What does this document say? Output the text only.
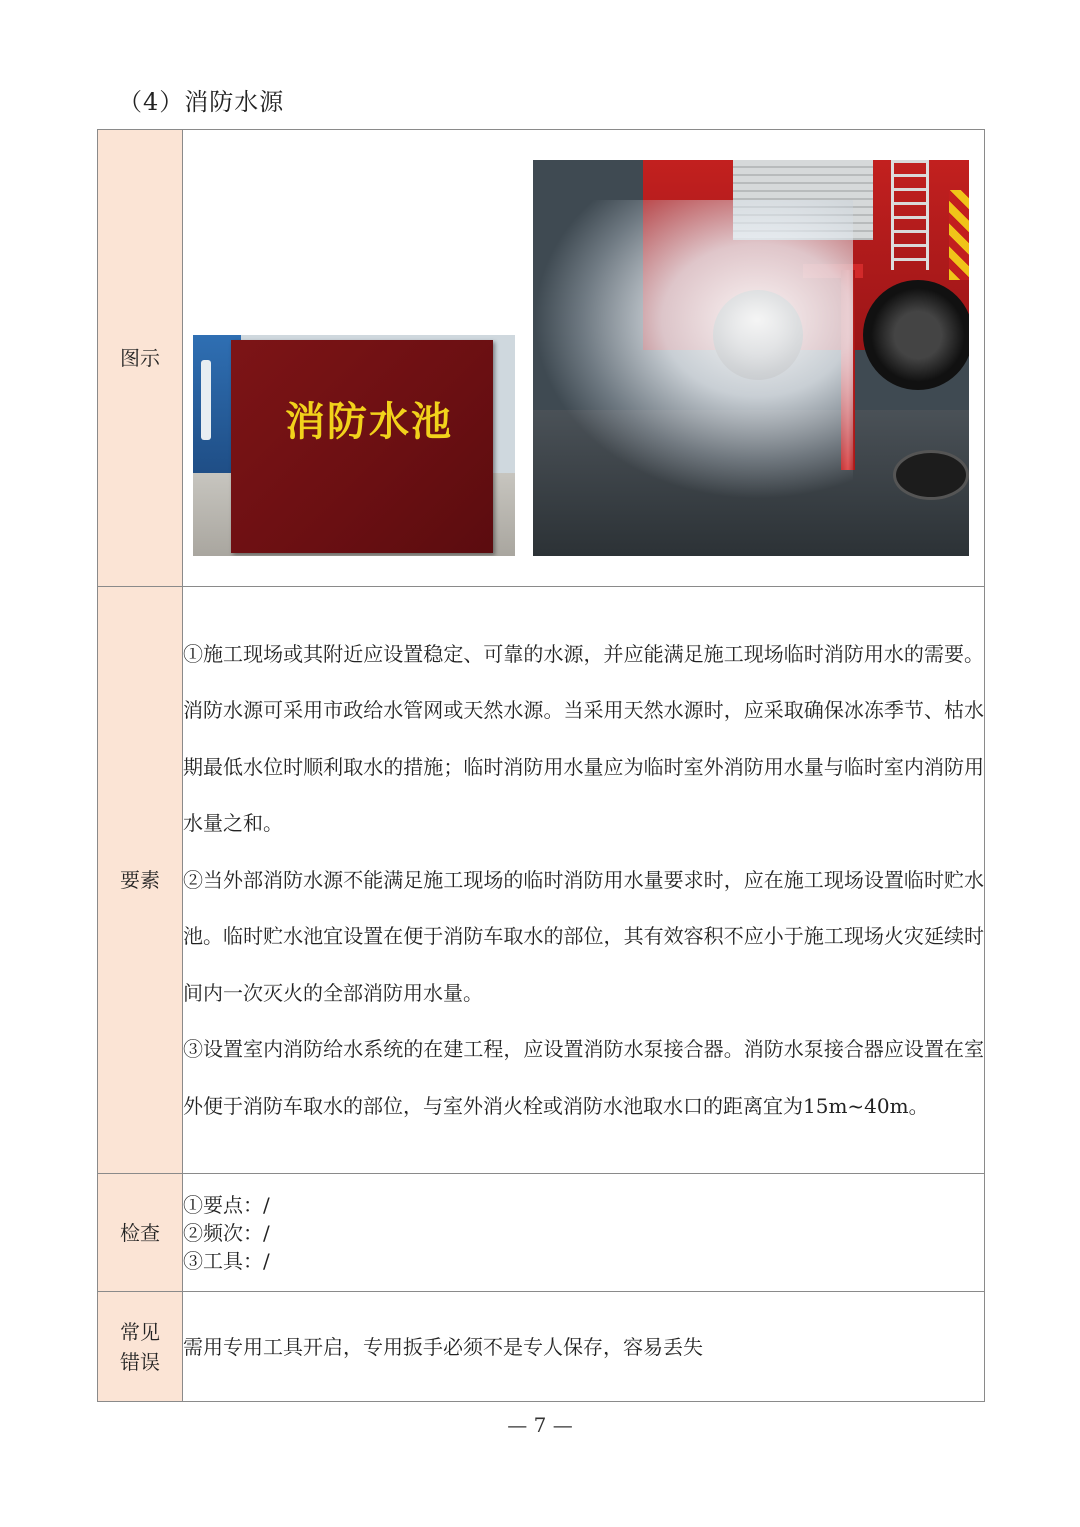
（4）消防水源
图示	消防水池

要素	①施工现场或其附近应设置稳定、可靠的水源，并应能满足施工现场临时消防用水的需要。消防水源可采用市政给水管网或天然水源。当采用天然水源时，应采取确保冰冻季节、枯水期最低水位时顺利取水的措施；临时消防用水量应为临时室外消防用水量与临时室内消防用水量之和。

②当外部消防水源不能满足施工现场的临时消防用水量要求时，应在施工现场设置临时贮水池。临时贮水池宜设置在便于消防车取水的部位，其有效容积不应小于施工现场火灾延续时间内一次灭火的全部消防用水量。

③设置室内消防给水系统的在建工程，应设置消防水泵接合器。消防水泵接合器应设置在室外便于消防车取水的部位，与室外消火栓或消防水池取水口的距离宜为15m~40m。

检查	①要点：/

②频次：/

③工具：/

常见
错误	需用专用工具开启，专用扳手必须不是专人保存，容易丢失
— 7 —
